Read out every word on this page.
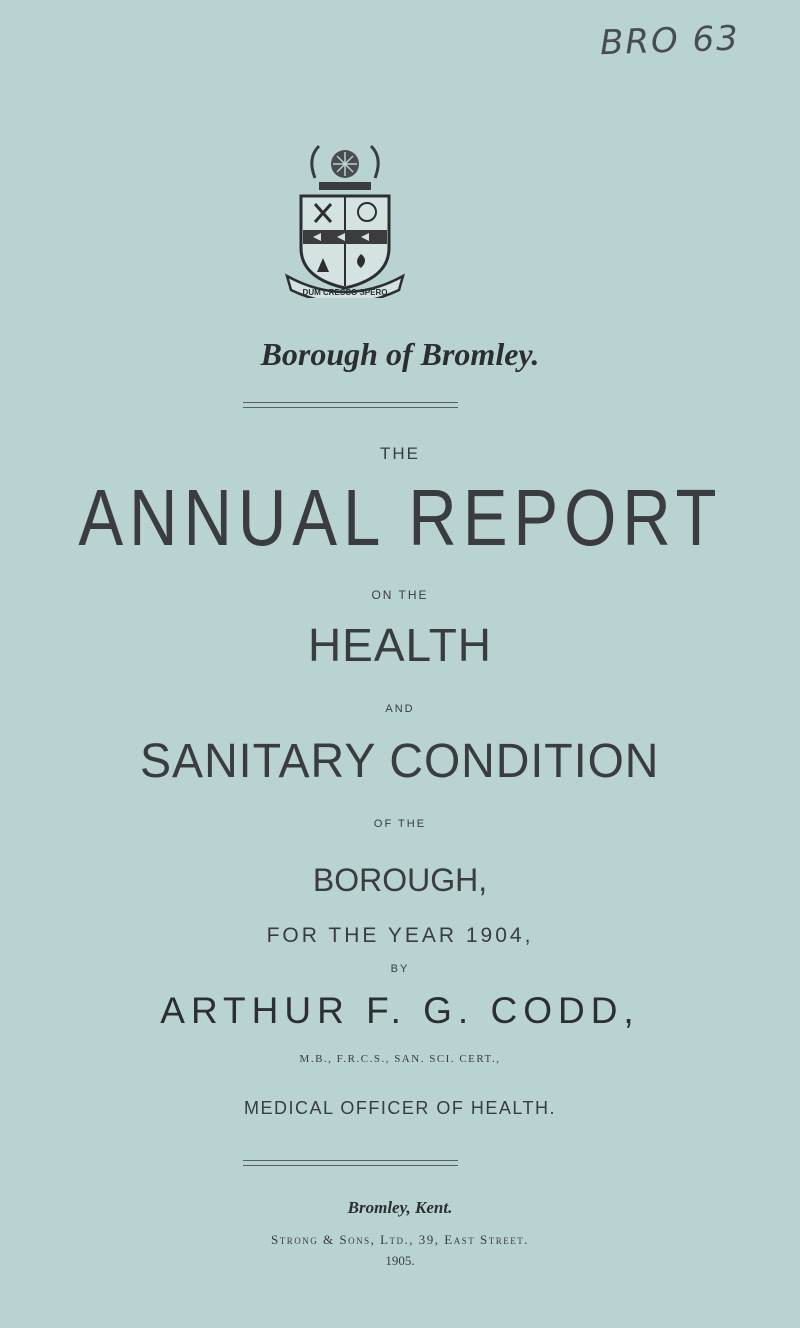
BRO 63
DUM CRESCO SPERO
Borough of Bromley.
THE
ANNUAL REPORT
ON THE
HEALTH
AND
SANITARY CONDITION
OF THE
BOROUGH,
FOR THE YEAR 1904,
BY
ARTHUR F. G. CODD,
M.B., F.R.C.S., SAN. SCI. CERT.,
MEDICAL OFFICER OF HEALTH.
Bromley, Kent.
Strong & Sons, Ltd., 39, East Street.
1905.
